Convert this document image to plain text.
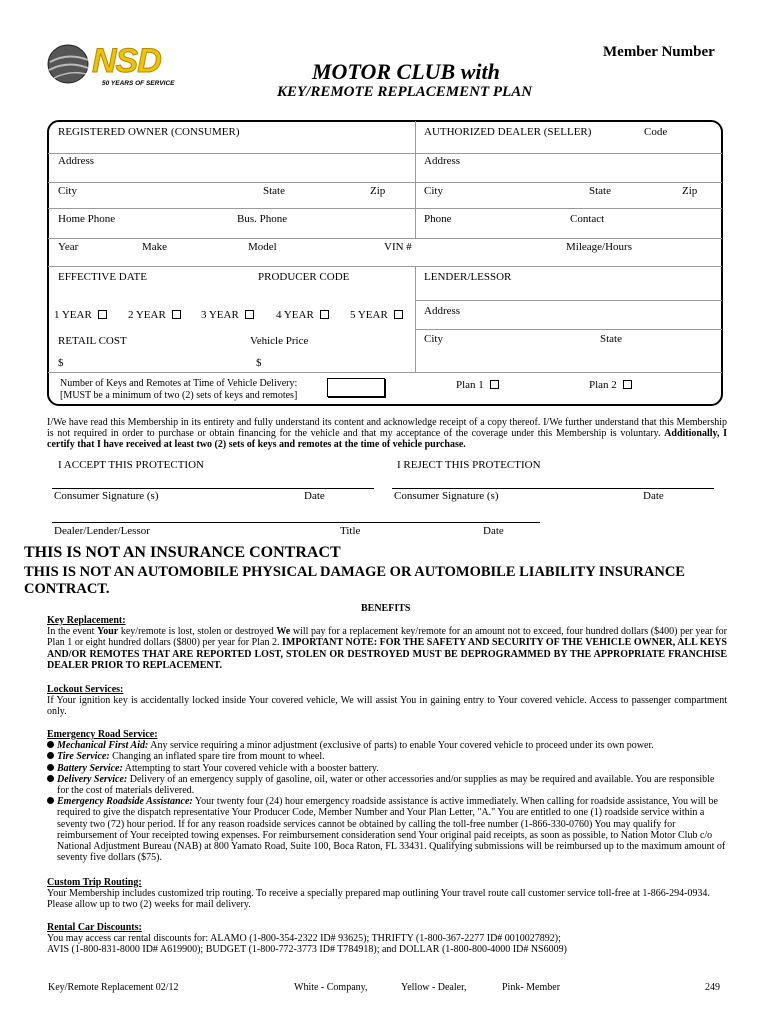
NSD
50 YEARS OF SERVICE
Member Number
MOTOR CLUB with
KEY/REMOTE REPLACEMENT PLAN
REGISTERED OWNER (CONSUMER)	AUTHORIZED DEALER (SELLER)	Code
Address	Address
City	State	Zip	City	State	Zip
Home Phone	Bus. Phone	Phone	Contact
Year	Make	Model	VIN #	Mileage/Hours
EFFECTIVE DATE	PRODUCER CODE	LENDER/LESSOR
1 YEAR	2 YEAR	3 YEAR	4 YEAR	5 YEAR	Address
RETAIL COST	Vehicle Price	City	State
$	$
Number of Keys and Remotes at Time of Vehicle Delivery:
[MUST be a minimum of two (2) sets of keys and remotes]
Plan 1	Plan 2
I/We have read this Membership in its entirety and fully understand its content and acknowledge receipt of a copy thereof. I/We further understand that this Membership is not required in order to purchase or obtain financing for the vehicle and that my acceptance of the coverage under this Membership is voluntary. Additionally, I certify that I have received at least two (2) sets of keys and remotes at the time of vehicle purchase.
I ACCEPT THIS PROTECTION	I REJECT THIS PROTECTION
Consumer Signature (s)	Date	Consumer Signature (s)	Date
Dealer/Lender/Lessor	Title	Date
THIS IS NOT AN INSURANCE CONTRACT
THIS IS NOT AN AUTOMOBILE PHYSICAL DAMAGE OR AUTOMOBILE LIABILITY INSURANCE CONTRACT.
BENEFITS
Key Replacement:
In the event Your key/remote is lost, stolen or destroyed We will pay for a replacement key/remote for an amount not to exceed, four hundred dollars ($400) per year for Plan 1 or eight hundred dollars ($800) per year for Plan 2. IMPORTANT NOTE: FOR THE SAFETY AND SECURITY OF THE VEHICLE OWNER, ALL KEYS AND/OR REMOTES THAT ARE REPORTED LOST, STOLEN OR DESTROYED MUST BE DEPROGRAMMED BY THE APPROPRIATE FRANCHISE DEALER PRIOR TO REPLACEMENT.
Lockout Services:
If Your ignition key is accidentally locked inside Your covered vehicle, We will assist You in gaining entry to Your covered vehicle. Access to passenger compartment only.
Emergency Road Service:
Mechanical First Aid: Any service requiring a minor adjustment (exclusive of parts) to enable Your covered vehicle to proceed under its own power.
Tire Service: Changing an inflated spare tire from mount to wheel.
Battery Service: Attempting to start Your covered vehicle with a booster battery.
Delivery Service: Delivery of an emergency supply of gasoline, oil, water or other accessories and/or supplies as may be required and available. You are responsible for the cost of materials delivered.
Emergency Roadside Assistance: Your twenty four (24) hour emergency roadside assistance is active immediately. When calling for roadside assistance, You will be required to give the dispatch representative Your Producer Code, Member Number and Your Plan Letter, "A." You are entitled to one (1) roadside service within a seventy two (72) hour period. If for any reason roadside services cannot be obtained by calling the toll-free number (1-866-330-0760) You may qualify for reimbursement of Your receipted towing expenses. For reimbursement consideration send Your original paid receipts, as soon as possible, to Nation Motor Club c/o National Adjustment Bureau (NAB) at 800 Yamato Road, Suite 100, Boca Raton, FL 33431. Qualifying submissions will be reimbursed up to the maximum amount of seventy five dollars ($75).
Custom Trip Routing:
Your Membership includes customized trip routing. To receive a specially prepared map outlining Your travel route call customer service toll-free at 1-866-294-0934. Please allow up to two (2) weeks for mail delivery.
Rental Car Discounts:
You may access car rental discounts for: ALAMO (1-800-354-2322 ID# 93625); THRIFTY (1-800-367-2277 ID# 0010027892);
AVIS (1-800-831-8000 ID# A619900); BUDGET (1-800-772-3773 ID# T784918); and DOLLAR (1-800-800-4000 ID# NS6009)
Key/Remote Replacement 02/12	White - Company,	Yellow - Dealer,	Pink- Member	249
